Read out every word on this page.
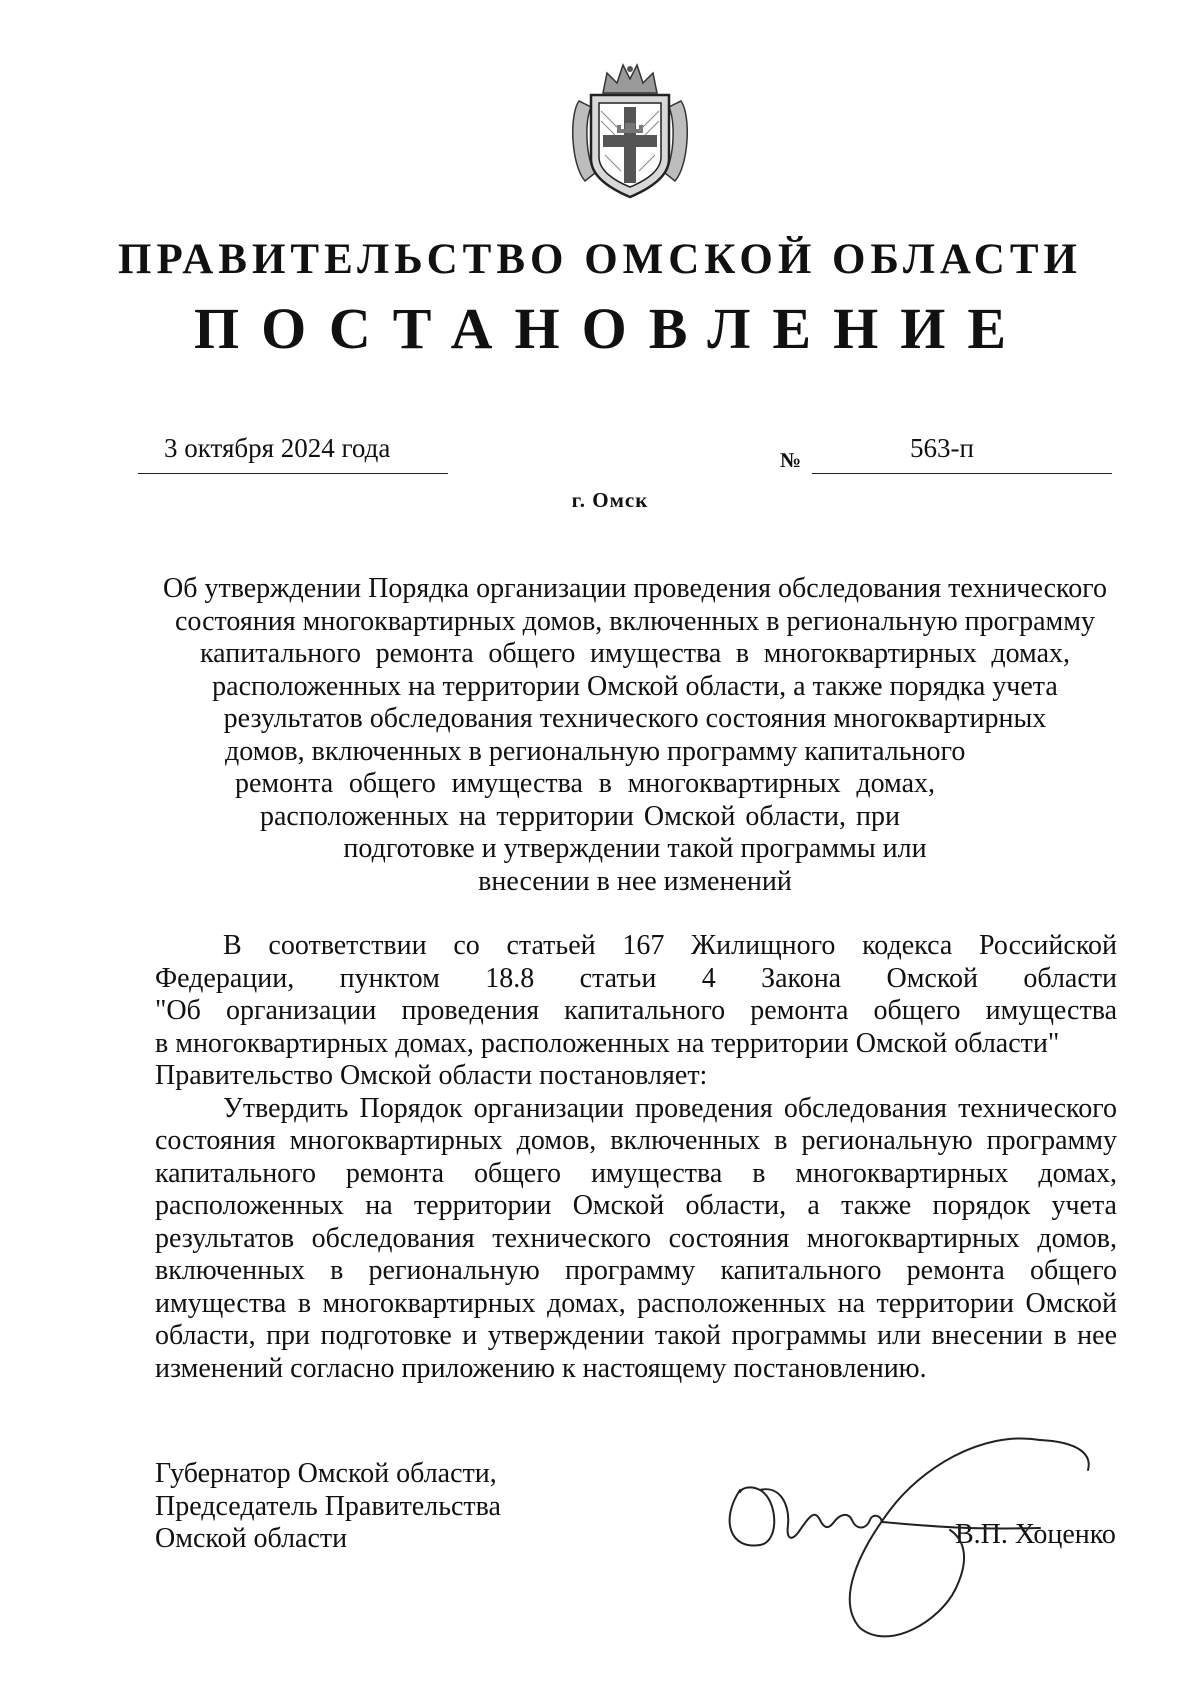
ПРАВИТЕЛЬСТВО ОМСКОЙ ОБЛАСТИ
ПОСТАНОВЛЕНИЕ
3 октября 2024 года	№	563-п
г. Омск
Об утверждении Порядка организации проведения обследования технического
состояния многоквартирных домов, включенных в региональную программу
капитального ремонта общего имущества в многоквартирных домах,
расположенных на территории Омской области, а также порядка учета
результатов обследования технического состояния многоквартирных
домов, включенных в региональную программу капитального
ремонта общего имущества в многоквартирных домах,
расположенных на территории Омской области, при
подготовке и утверждении такой программы или
внесении в нее изменений
В соответствии со статьей 167 Жилищного кодекса Российской
Федерации, пунктом 18.8 статьи 4 Закона Омской области
"Об организации проведения капитального ремонта общего имущества
в многоквартирных домах, расположенных на территории Омской области"
Правительство Омской области постановляет:
Утвердить Порядок организации проведения обследования технического
состояния многоквартирных домов, включенных в региональную программу
капитального ремонта общего имущества в многоквартирных домах,
расположенных на территории Омской области, а также порядок учета
результатов обследования технического состояния многоквартирных домов,
включенных в региональную программу капитального ремонта общего
имущества в многоквартирных домах, расположенных на территории Омской
области, при подготовке и утверждении такой программы или внесении в нее
изменений согласно приложению к настоящему постановлению.
Губернатор Омской области,
Председатель Правительства
Омской области	В.П. Хоценко
